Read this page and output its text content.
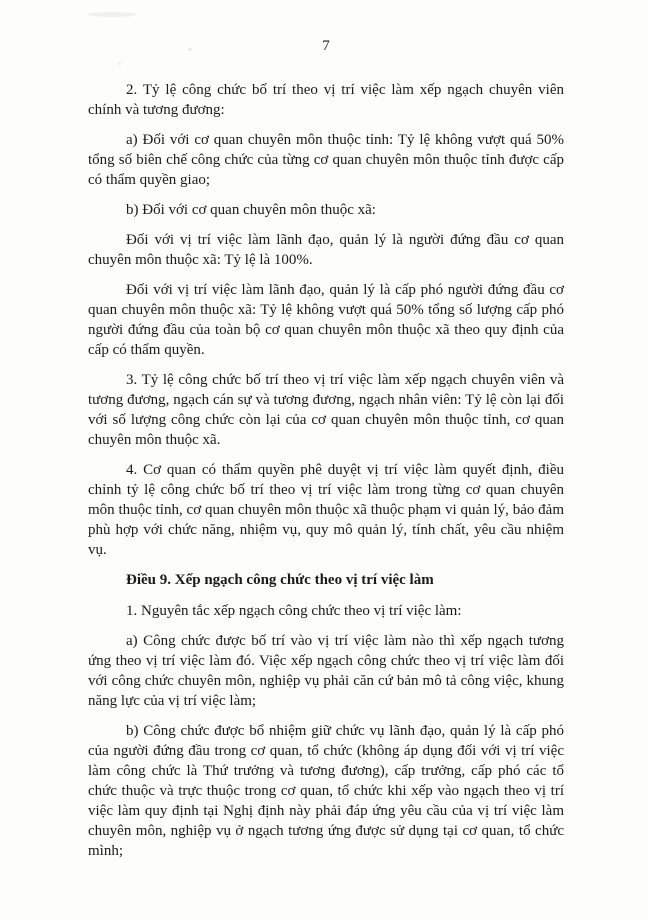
7

2. Tỷ lệ công chức bố trí theo vị trí việc làm xếp ngạch chuyên viên chính và tương đương:

a) Đối với cơ quan chuyên môn thuộc tỉnh: Tỷ lệ không vượt quá 50% tổng số biên chế công chức của từng cơ quan chuyên môn thuộc tỉnh được cấp có thẩm quyền giao;

b) Đối với cơ quan chuyên môn thuộc xã:

Đối với vị trí việc làm lãnh đạo, quản lý là người đứng đầu cơ quan chuyên môn thuộc xã: Tỷ lệ là 100%.

Đối với vị trí việc làm lãnh đạo, quản lý là cấp phó người đứng đầu cơ quan chuyên môn thuộc xã: Tỷ lệ không vượt quá 50% tổng số lượng cấp phó người đứng đầu của toàn bộ cơ quan chuyên môn thuộc xã theo quy định của cấp có thẩm quyền.

3. Tỷ lệ công chức bố trí theo vị trí việc làm xếp ngạch chuyên viên và tương đương, ngạch cán sự và tương đương, ngạch nhân viên: Tỷ lệ còn lại đối với số lượng công chức còn lại của cơ quan chuyên môn thuộc tỉnh, cơ quan chuyên môn thuộc xã.

4. Cơ quan có thẩm quyền phê duyệt vị trí việc làm quyết định, điều chỉnh tỷ lệ công chức bố trí theo vị trí việc làm trong từng cơ quan chuyên môn thuộc tỉnh, cơ quan chuyên môn thuộc xã thuộc phạm vi quản lý, bảo đảm phù hợp với chức năng, nhiệm vụ, quy mô quản lý, tính chất, yêu cầu nhiệm vụ.

Điều 9. Xếp ngạch công chức theo vị trí việc làm

1. Nguyên tắc xếp ngạch công chức theo vị trí việc làm:

a) Công chức được bố trí vào vị trí việc làm nào thì xếp ngạch tương ứng theo vị trí việc làm đó. Việc xếp ngạch công chức theo vị trí việc làm đối với công chức chuyên môn, nghiệp vụ phải căn cứ bản mô tả công việc, khung năng lực của vị trí việc làm;

b) Công chức được bổ nhiệm giữ chức vụ lãnh đạo, quản lý là cấp phó của người đứng đầu trong cơ quan, tổ chức (không áp dụng đối với vị trí việc làm công chức là Thứ trưởng và tương đương), cấp trưởng, cấp phó các tổ chức thuộc và trực thuộc trong cơ quan, tổ chức khi xếp vào ngạch theo vị trí việc làm quy định tại Nghị định này phải đáp ứng yêu cầu của vị trí việc làm chuyên môn, nghiệp vụ ở ngạch tương ứng được sử dụng tại cơ quan, tổ chức mình;
